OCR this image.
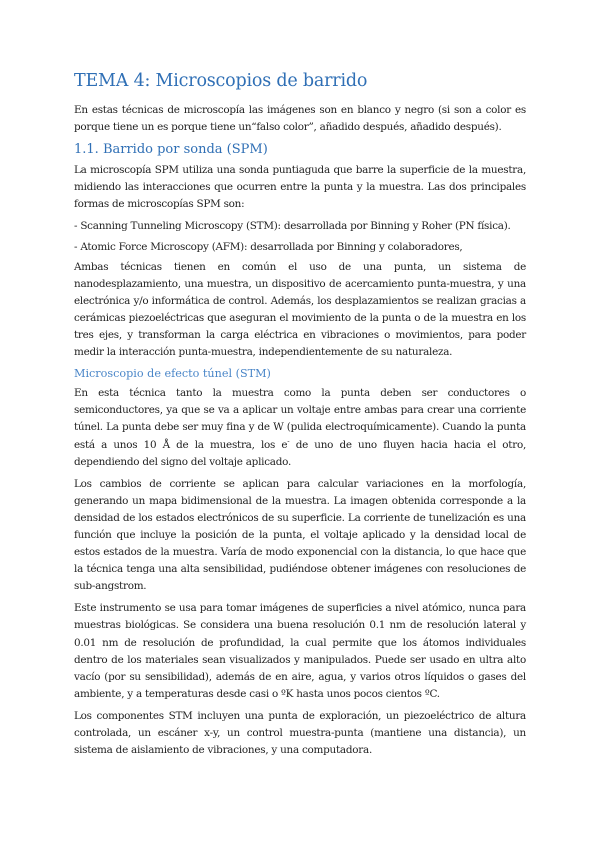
TEMA 4: Microscopios de barrido

En estas técnicas de microscopía las imágenes son en blanco y negro (si son a color es porque tiene un es porque tiene un“falso color”, añadido después, añadido después).

1.1. Barrido por sonda (SPM)

La microscopía SPM utiliza una sonda puntiaguda que barre la superficie de la muestra, midiendo las interacciones que ocurren entre la punta y la muestra. Las dos principales formas de microscopías SPM son:

- Scanning Tunneling Microscopy (STM): desarrollada por Binning y Roher (PN física).

- Atomic Force Microscopy (AFM): desarrollada por Binning y colaboradores,

Ambas técnicas tienen en común el uso de una punta, un sistema de nanodesplazamiento, una muestra, un dispositivo de acercamiento punta-muestra, y una electrónica y/o informática de control. Además, los desplazamientos se realizan gracias a cerámicas piezoeléctricas que aseguran el movimiento de la punta o de la muestra en los tres ejes, y transforman la carga eléctrica en vibraciones o movimientos, para poder medir la interacción punta-muestra, independientemente de su naturaleza.

Microscopio de efecto túnel (STM)

En esta técnica tanto la muestra como la punta deben ser conductores o semiconductores, ya que se va a aplicar un voltaje entre ambas para crear una corriente túnel. La punta debe ser muy fina y de W (pulida electroquímicamente). Cuando la punta está a unos 10 Å de la muestra, los e- de uno de uno fluyen hacia hacia el otro, dependiendo del signo del voltaje aplicado.

Los cambios de corriente se aplican para calcular variaciones en la morfología, generando un mapa bidimensional de la muestra. La imagen obtenida corresponde a la densidad de los estados electrónicos de su superficie. La corriente de tunelización es una función que incluye la posición de la punta, el voltaje aplicado y la densidad local de estos estados de la muestra. Varía de modo exponencial con la distancia, lo que hace que la técnica tenga una alta sensibilidad, pudiéndose obtener imágenes con resoluciones de sub-angstrom.

Este instrumento se usa para tomar imágenes de superficies a nivel atómico, nunca para muestras biológicas. Se considera una buena resolución 0.1 nm de resolución lateral y 0.01 nm de resolución de profundidad, la cual permite que los átomos individuales dentro de los materiales sean visualizados y manipulados. Puede ser usado en ultra alto vacío (por su sensibilidad), además de en aire, agua, y varios otros líquidos o gases del ambiente, y a temperaturas desde casi o ºK hasta unos pocos cientos ºC.

Los componentes STM incluyen una punta de exploración, un piezoeléctrico de altura controlada, un escáner x-y, un control muestra-punta (mantiene una distancia), un sistema de aislamiento de vibraciones, y una computadora.
